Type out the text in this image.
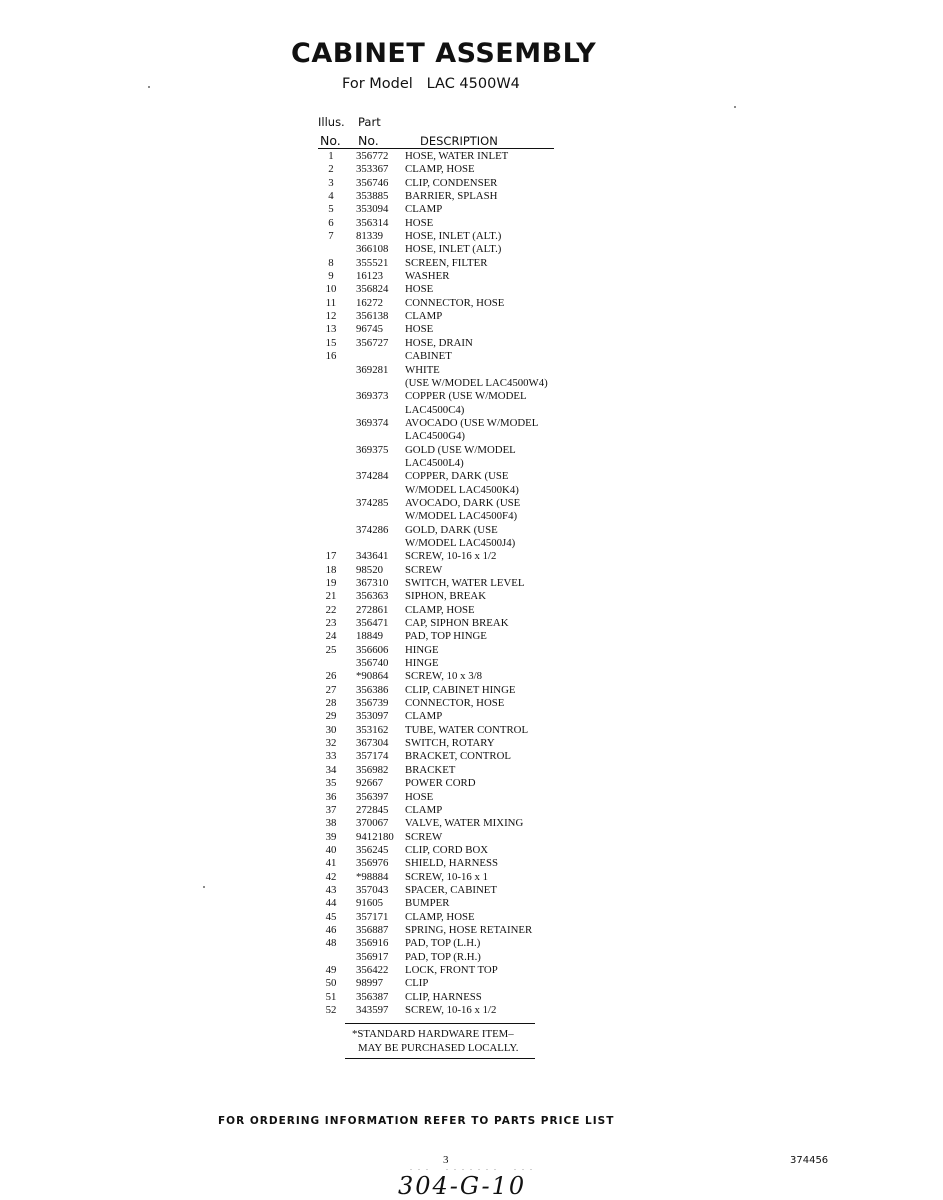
CABINET ASSEMBLY
For Model   LAC 4500W4
Illus. Part
No. No.	DESCRIPTION
1	356772 HOSE, WATER INLET
2	353367 CLAMP, HOSE
3	356746 CLIP, CONDENSER
4	353885 BARRIER, SPLASH
5	353094 CLAMP
6	356314 HOSE
7	81339 HOSE, INLET (ALT.)
366108 HOSE, INLET (ALT.)
8	355521 SCREEN, FILTER
9	16123 WASHER
10	356824 HOSE
11	16272 CONNECTOR, HOSE
12	356138 CLAMP
13	96745 HOSE
15	356727 HOSE, DRAIN
16	CABINET
369281 WHITE
(USE W/MODEL LAC4500W4)
369373 COPPER (USE W/MODEL
LAC4500C4)
369374 AVOCADO (USE W/MODEL
LAC4500G4)
369375 GOLD (USE W/MODEL
LAC4500L4)
374284 COPPER, DARK (USE
W/MODEL LAC4500K4)
374285 AVOCADO, DARK (USE
W/MODEL LAC4500F4)
374286 GOLD, DARK (USE
W/MODEL LAC4500J4)
17	343641 SCREW, 10-16 x 1/2
18	98520 SCREW
19	367310 SWITCH, WATER LEVEL
21	356363 SIPHON, BREAK
22	272861 CLAMP, HOSE
23	356471 CAP, SIPHON BREAK
24	18849 PAD, TOP HINGE
25	356606 HINGE
356740 HINGE
26	*90864 SCREW, 10 x 3/8
27	356386 CLIP, CABINET HINGE
28	356739 CONNECTOR, HOSE
29	353097 CLAMP
30	353162 TUBE, WATER CONTROL
32	367304 SWITCH, ROTARY
33	357174 BRACKET, CONTROL
34	356982 BRACKET
35	92667 POWER CORD
36	356397 HOSE
37	272845 CLAMP
38	370067 VALVE, WATER MIXING
39	9412180 SCREW
40	356245 CLIP, CORD BOX
41	356976 SHIELD, HARNESS
42	*98884 SCREW, 10-16 x 1
43	357043 SPACER, CABINET
44	91605 BUMPER
45	357171 CLAMP, HOSE
46	356887 SPRING, HOSE RETAINER
48	356916 PAD, TOP (L.H.)
356917 PAD, TOP (R.H.)
49	356422 LOCK, FRONT TOP
50	98997 CLIP
51	356387 CLIP, HARNESS
52	343597 SCREW, 10-16 x 1/2
*STANDARD HARDWARE ITEM–
MAY BE PURCHASED LOCALLY.
FOR ORDERING INFORMATION REFER TO PARTS PRICE LIST
3
. . .    . . . . . . .    . . .
374456
304-G-10
